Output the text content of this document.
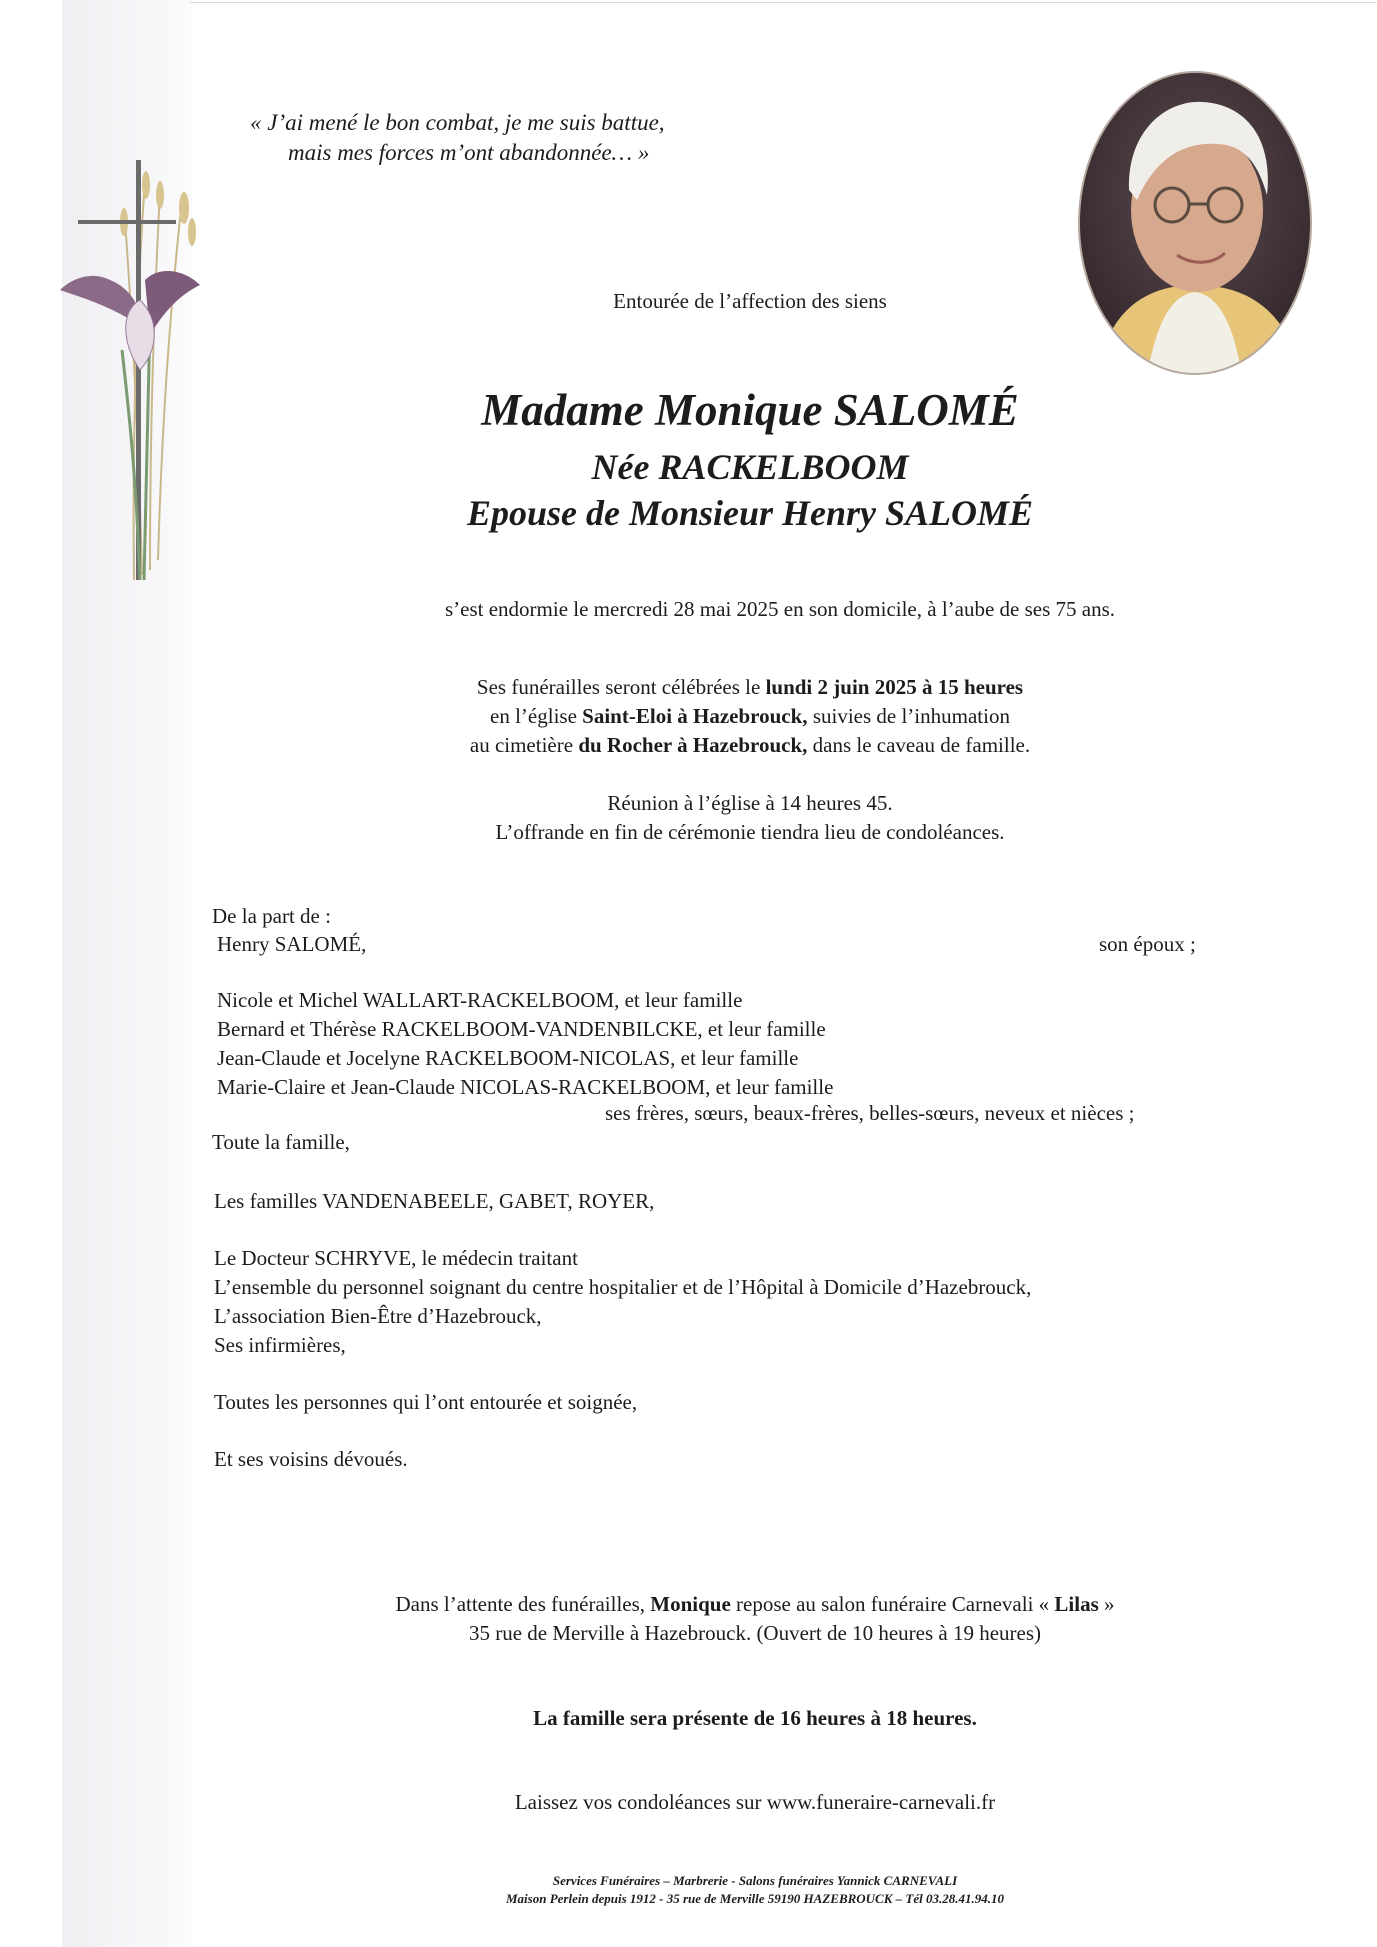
« J’ai mené le bon combat, je me suis battue,
mais mes forces m’ont abandonnée… »
Entourée de l’affection des siens
Madame Monique SALOMÉ
Née RACKELBOOM
Epouse de Monsieur Henry SALOMÉ
s’est endormie le mercredi 28 mai 2025 en son domicile, à l’aube de ses 75 ans.
Ses funérailles seront célébrées le lundi 2 juin 2025 à 15 heures
en l’église Saint-Eloi à Hazebrouck, suivies de l’inhumation
au cimetière du Rocher à Hazebrouck, dans le caveau de famille.
Réunion à l’église à 14 heures 45.
L’offrande en fin de cérémonie tiendra lieu de condoléances.
De la part de :
Henry SALOMÉ,	son époux ;
Nicole et Michel WALLART-RACKELBOOM, et leur famille
Bernard et Thérèse RACKELBOOM-VANDENBILCKE, et leur famille
Jean-Claude et Jocelyne RACKELBOOM-NICOLAS, et leur famille
Marie-Claire et Jean-Claude NICOLAS-RACKELBOOM, et leur famille
ses frères, sœurs, beaux-frères, belles-sœurs, neveux et nièces ;
Toute la famille,
Les familles VANDENABEELE, GABET, ROYER,
Le Docteur SCHRYVE, le médecin traitant
L’ensemble du personnel soignant du centre hospitalier et de l’Hôpital à Domicile d’Hazebrouck,
L’association Bien-Être d’Hazebrouck,
Ses infirmières,
Toutes les personnes qui l’ont entourée et soignée,
Et ses voisins dévoués.
Dans l’attente des funérailles, Monique repose au salon funéraire Carnevali « Lilas »
35 rue de Merville à Hazebrouck. (Ouvert de 10 heures à 19 heures)
La famille sera présente de 16 heures à 18 heures.
Laissez vos condoléances sur www.funeraire-carnevali.fr
Services Funéraires – Marbrerie - Salons funéraires Yannick CARNEVALI
Maison Perlein depuis 1912 - 35 rue de Merville 59190 HAZEBROUCK – Tél 03.28.41.94.10
